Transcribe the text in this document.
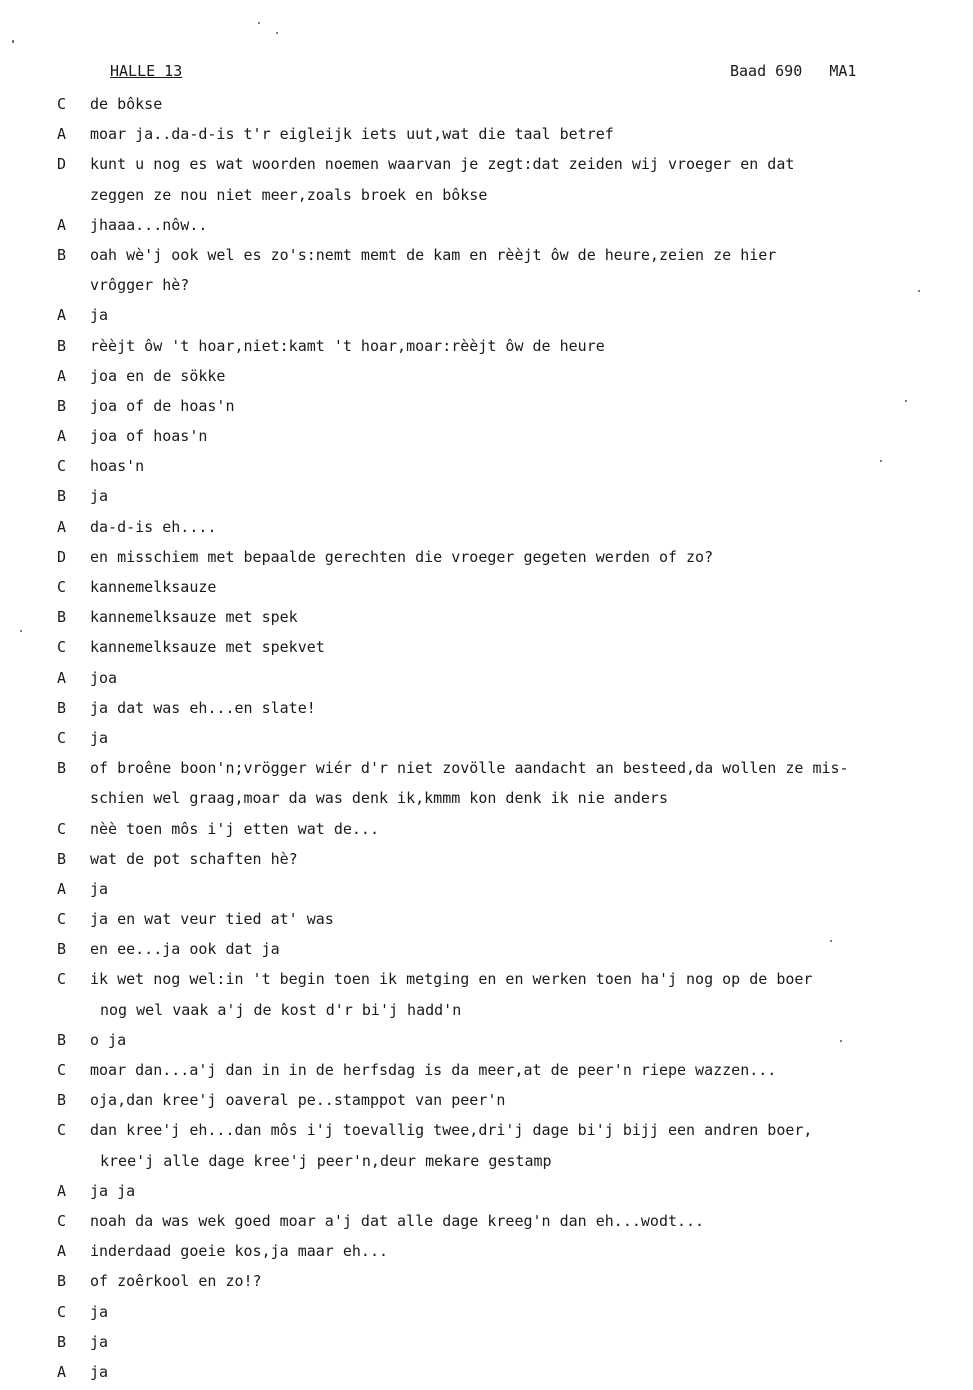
HALLE 13	Baad 690 MA1
C	de bôkse
A	moar ja..da-d-is t'r eigleijk iets uut,wat die taal betref
D	kunt u nog es wat woorden noemen waarvan je zegt:dat zeiden wij vroeger en dat
zeggen ze nou niet meer,zoals broek en bôkse
A	jhaaa...nôw..
B	oah wè'j ook wel es zo's:nemt memt de kam en rèèjt ôw de heure,zeien ze hier
vrôgger hè?
A	ja
B	rèèjt ôw 't hoar,niet:kamt 't hoar,moar:rèèjt ôw de heure
A	joa en de sökke
B	joa of de hoas'n
A	joa of hoas'n
C	hoas'n
B	ja
A	da-d-is eh....
D	en misschiem met bepaalde gerechten die vroeger gegeten werden of zo?
C	kannemelksauze
B	kannemelksauze met spek
C	kannemelksauze met spekvet
A	joa
B	ja dat was eh...en slate!
C	ja
B	of broêne boon'n;vrögger wiér d'r niet zovölle aandacht an besteed,da wollen ze mis-
schien wel graag,moar da was denk ik,kmmm kon denk ik nie anders
C	nèè toen môs i'j etten wat de...
B	wat de pot schaften hè?
A	ja
C	ja en wat veur tied at' was
B	en ee...ja ook dat ja
C	ik wet nog wel:in 't begin toen ik metging en en werken toen ha'j nog op de boer
nog wel vaak a'j de kost d'r bi'j hadd'n
B	o ja
C	moar dan...a'j dan in in de herfsdag is da meer,at de peer'n riepe wazzen...
B	oja,dan kree'j oaveral pe..stamppot van peer'n
C	dan kree'j eh...dan môs i'j toevallig twee,dri'j dage bi'j bijj een andren boer,
kree'j alle dage kree'j peer'n,deur mekare gestamp
A	ja ja
C	noah da was wek goed moar a'j dat alle dage kreeg'n dan eh...wodt...
A	inderdaad goeie kos,ja maar eh...
B	of zoêrkool en zo!?
C	ja
B	ja
A	ja
